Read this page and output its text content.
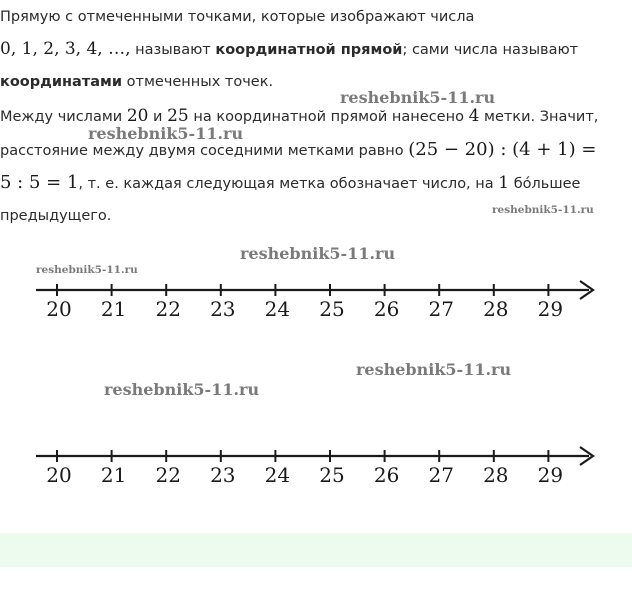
Прямую с отмеченными точками, которые изображают числа
0, 1, 2, 3, 4, …, называют координатной прямой; сами числа называют
координатами отмеченных точек.
Между числами 20 и 25 на координатной прямой нанесено 4 метки. Значит,
расстояние между двумя соседними метками равно (25 − 20) : (4 + 1) =
5 : 5 = 1, т. е. каждая следующая метка обозначает число, на 1 бо́льшее
предыдущего.
reshebnik5-11.ru
reshebnik5-11.ru
reshebnik5-11.ru
reshebnik5-11.ru
reshebnik5-11.ru
reshebnik5-11.ru
reshebnik5-11.ru
20 21 22 23 24 25 26 27 28 29
20 21 22 23 24 25 26 27 28 29
